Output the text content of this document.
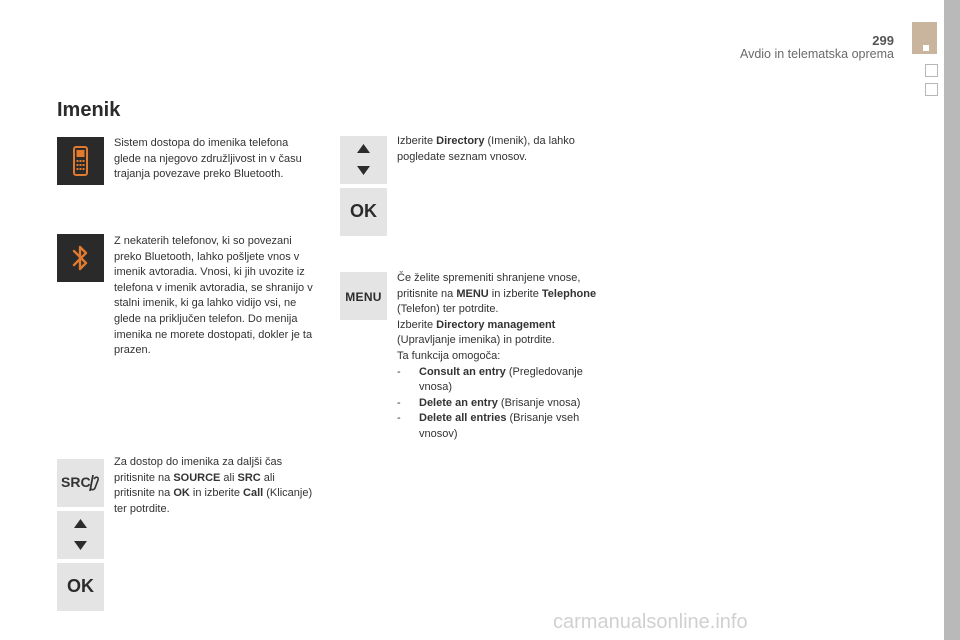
299
Avdio in telematska oprema
Imenik
SRC
OK
Sistem dostopa do imenika telefona glede na njegovo združljivost in v času trajanja povezave preko Bluetooth.
Z nekaterih telefonov, ki so povezani preko Bluetooth, lahko pošljete vnos v imenik avtoradia. Vnosi, ki jih uvozite iz telefona v imenik avtoradia, se shranijo v stalni imenik, ki ga lahko vidijo vsi, ne glede na priključen telefon. Do menija imenika ne morete dostopati, dokler je ta prazen.
Za dostop do imenika za daljši čas pritisnite na SOURCE ali SRC ali pritisnite na OK in izberite Call (Klicanje) ter potrdite.
OK
MENU
Izberite Directory (Imenik), da lahko pogledate seznam vnosov.
Če želite spremeniti shranjene vnose, pritisnite na MENU in izberite Telephone (Telefon) ter potrdite.
Izberite Directory management (Upravljanje imenika) in potrdite.
Ta funkcija omogoča:
- Consult an entry (Pregledovanje vnosa)
- Delete an entry (Brisanje vnosa)
- Delete all entries (Brisanje vseh vnosov)
carmanualsonline.info
